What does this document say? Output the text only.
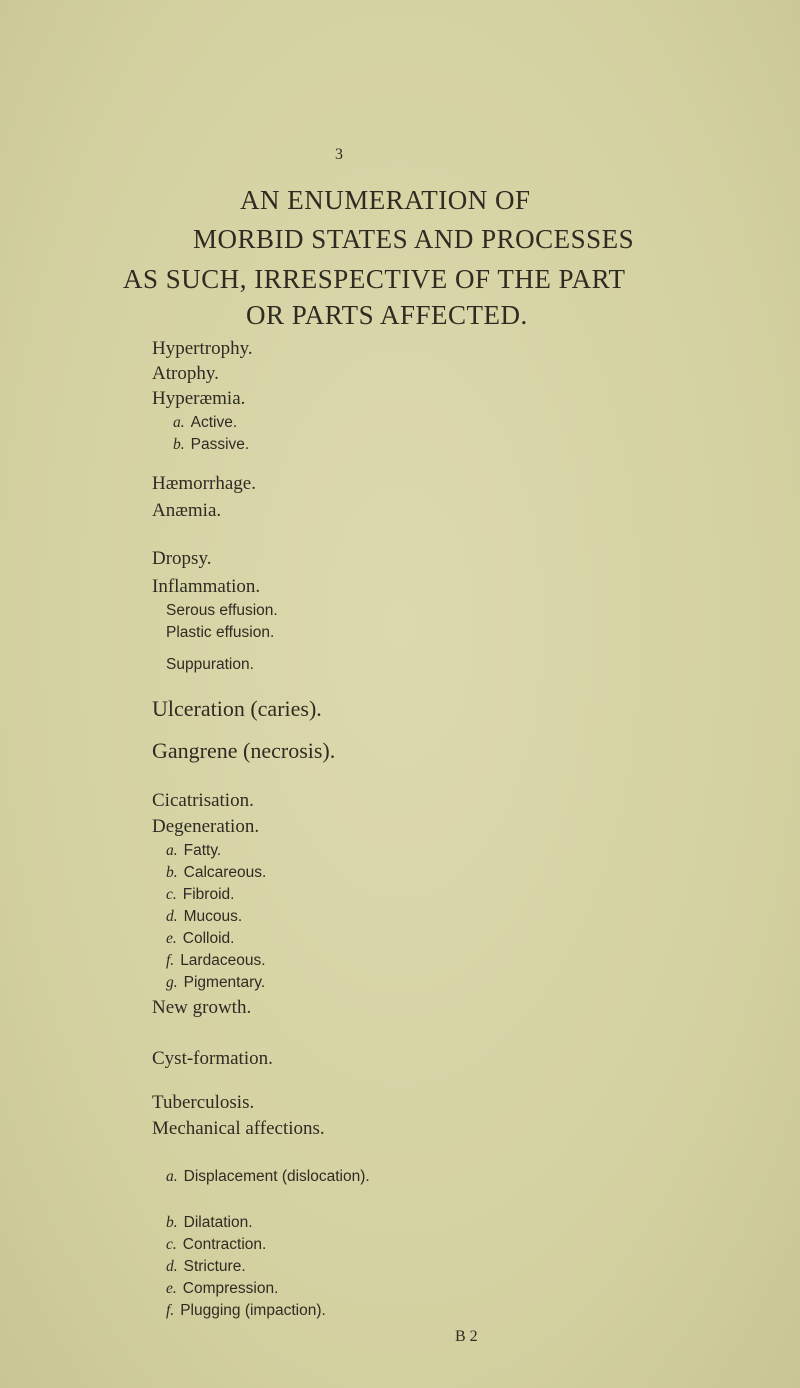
3
AN ENUMERATION OF
MORBID STATES AND PROCESSES
AS SUCH, IRRESPECTIVE OF THE PART
OR PARTS AFFECTED.
Hypertrophy.
Atrophy.
Hyperæmia.
a. Active.
b. Passive.
Hæmorrhage.
Anæmia.
Dropsy.
Inflammation.
Serous effusion.
Plastic effusion.
Suppuration.
Ulceration (caries).
Gangrene (necrosis).
Cicatrisation.
Degeneration.
a. Fatty.
b. Calcareous.
c. Fibroid.
d. Mucous.
e. Colloid.
f. Lardaceous.
g. Pigmentary.
New growth.
Cyst-formation.
Tuberculosis.
Mechanical affections.
a. Displacement (dislocation).
b. Dilatation.
c. Contraction.
d. Stricture.
e. Compression.
f. Plugging (impaction).
B 2
